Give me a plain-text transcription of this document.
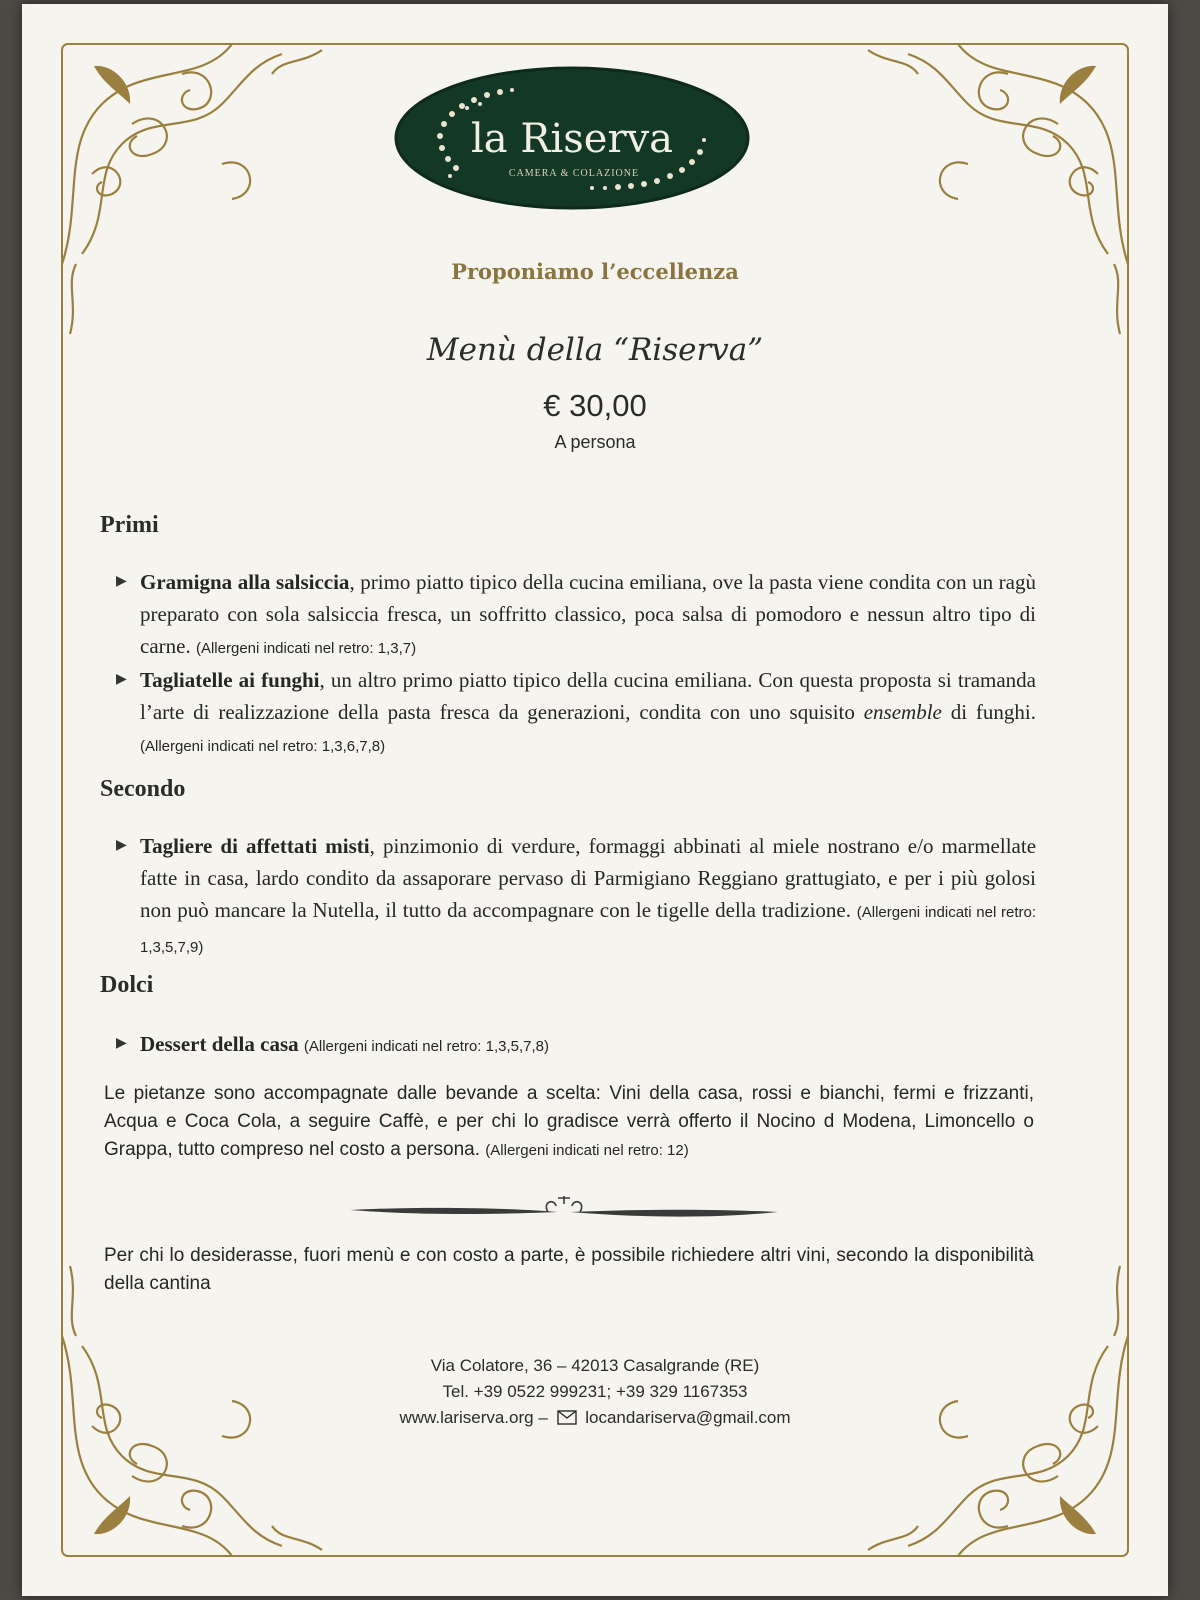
la Riserva
CAMERA & COLAZIONE
Proponiamo l’eccellenza
Menù della “Riserva”
€ 30,00
A persona
Primi
▶ Gramigna alla salsiccia, primo piatto tipico della cucina emiliana, ove la pasta viene condita con un ragù preparato con sola salsiccia fresca, un soffritto classico, poca salsa di pomodoro e nessun altro tipo di carne. (Allergeni indicati nel retro: 1,3,7)
▶ Tagliatelle ai funghi, un altro primo piatto tipico della cucina emiliana. Con questa proposta si tramanda l’arte di realizzazione della pasta fresca da generazioni, condita con uno squisito ensemble di funghi. (Allergeni indicati nel retro: 1,3,6,7,8)
Secondo
▶ Tagliere di affettati misti, pinzimonio di verdure, formaggi abbinati al miele nostrano e/o marmellate fatte in casa, lardo condito da assaporare pervaso di Parmigiano Reggiano grattugiato, e per i più golosi non può mancare la Nutella, il tutto da accompagnare con le tigelle della tradizione. (Allergeni indicati nel retro: 1,3,5,7,9)
Dolci
▶ Dessert della casa (Allergeni indicati nel retro: 1,3,5,7,8)
Le pietanze sono accompagnate dalle bevande a scelta: Vini della casa, rossi e bianchi, fermi e frizzanti, Acqua e Coca Cola, a seguire Caffè, e per chi lo gradisce verrà offerto il Nocino d Modena, Limoncello o Grappa, tutto compreso nel costo a persona. (Allergeni indicati nel retro: 12)
Per chi lo desiderasse, fuori menù e con costo a parte, è possibile richiedere altri vini, secondo la disponibilità della cantina
Via Colatore, 36 – 42013 Casalgrande (RE)
Tel. +39 0522 999231; +39 329 1167353
www.lariserva.org – locandariserva@gmail.com
